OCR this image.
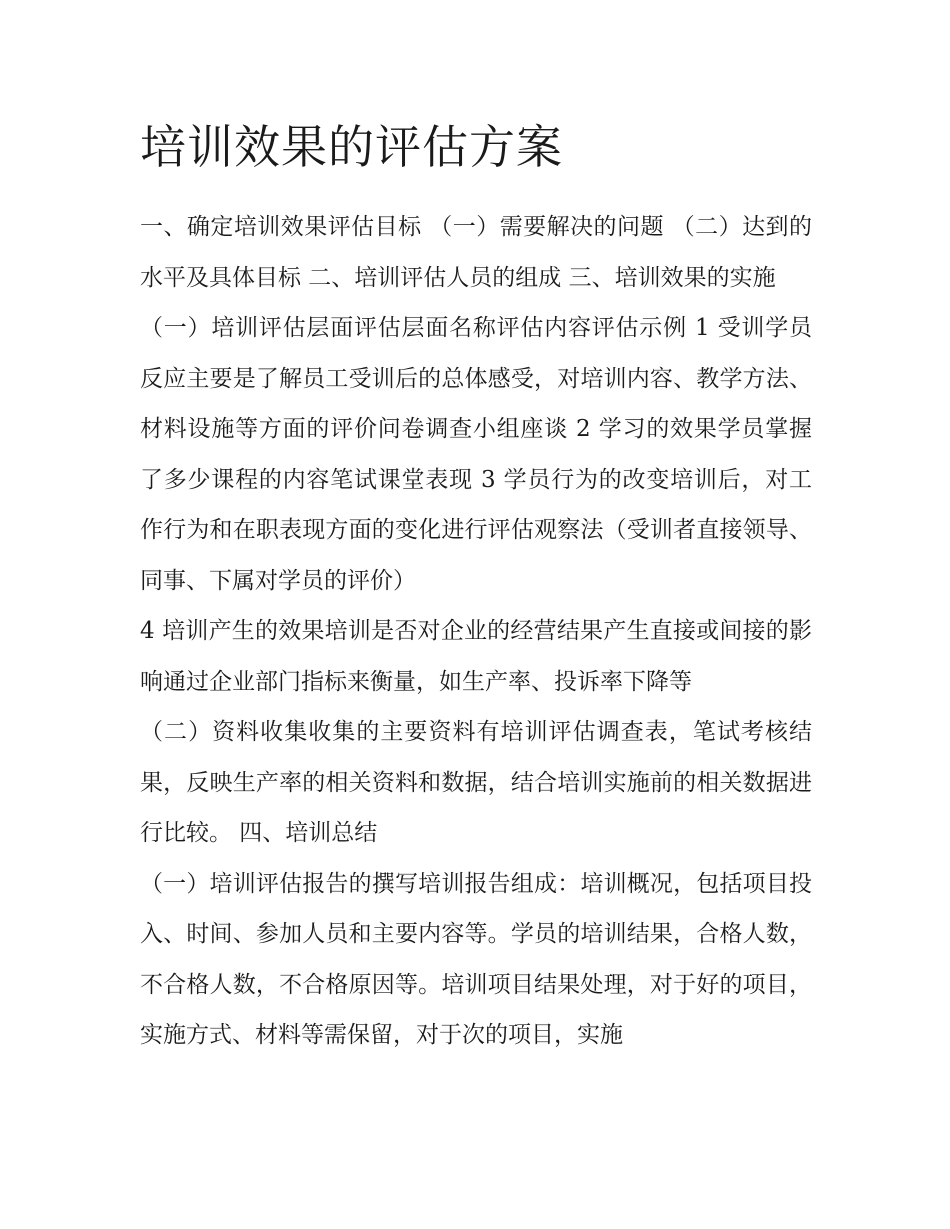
培训效果的评估方案

一、确定培训效果评估目标 （一）需要解决的问题 （二）达到的水平及具体目标 二、培训评估人员的组成 三、培训效果的实施

（一）培训评估层面评估层面名称评估内容评估示例 1 受训学员反应主要是了解员工受训后的总体感受，对培训内容、教学方法、材料设施等方面的评价问卷调查小组座谈 2 学习的效果学员掌握了多少课程的内容笔试课堂表现 3 学员行为的改变培训后，对工作行为和在职表现方面的变化进行评估观察法（受训者直接领导、同事、下属对学员的评价）

4 培训产生的效果培训是否对企业的经营结果产生直接或间接的影响通过企业部门指标来衡量，如生产率、投诉率下降等

（二）资料收集收集的主要资料有培训评估调查表，笔试考核结果，反映生产率的相关资料和数据，结合培训实施前的相关数据进行比较。 四、培训总结

（一）培训评估报告的撰写培训报告组成：培训概况，包括项目投入、时间、参加人员和主要内容等。学员的培训结果，合格人数，不合格人数，不合格原因等。培训项目结果处理，对于好的项目，实施方式、材料等需保留，对于次的项目，实施
